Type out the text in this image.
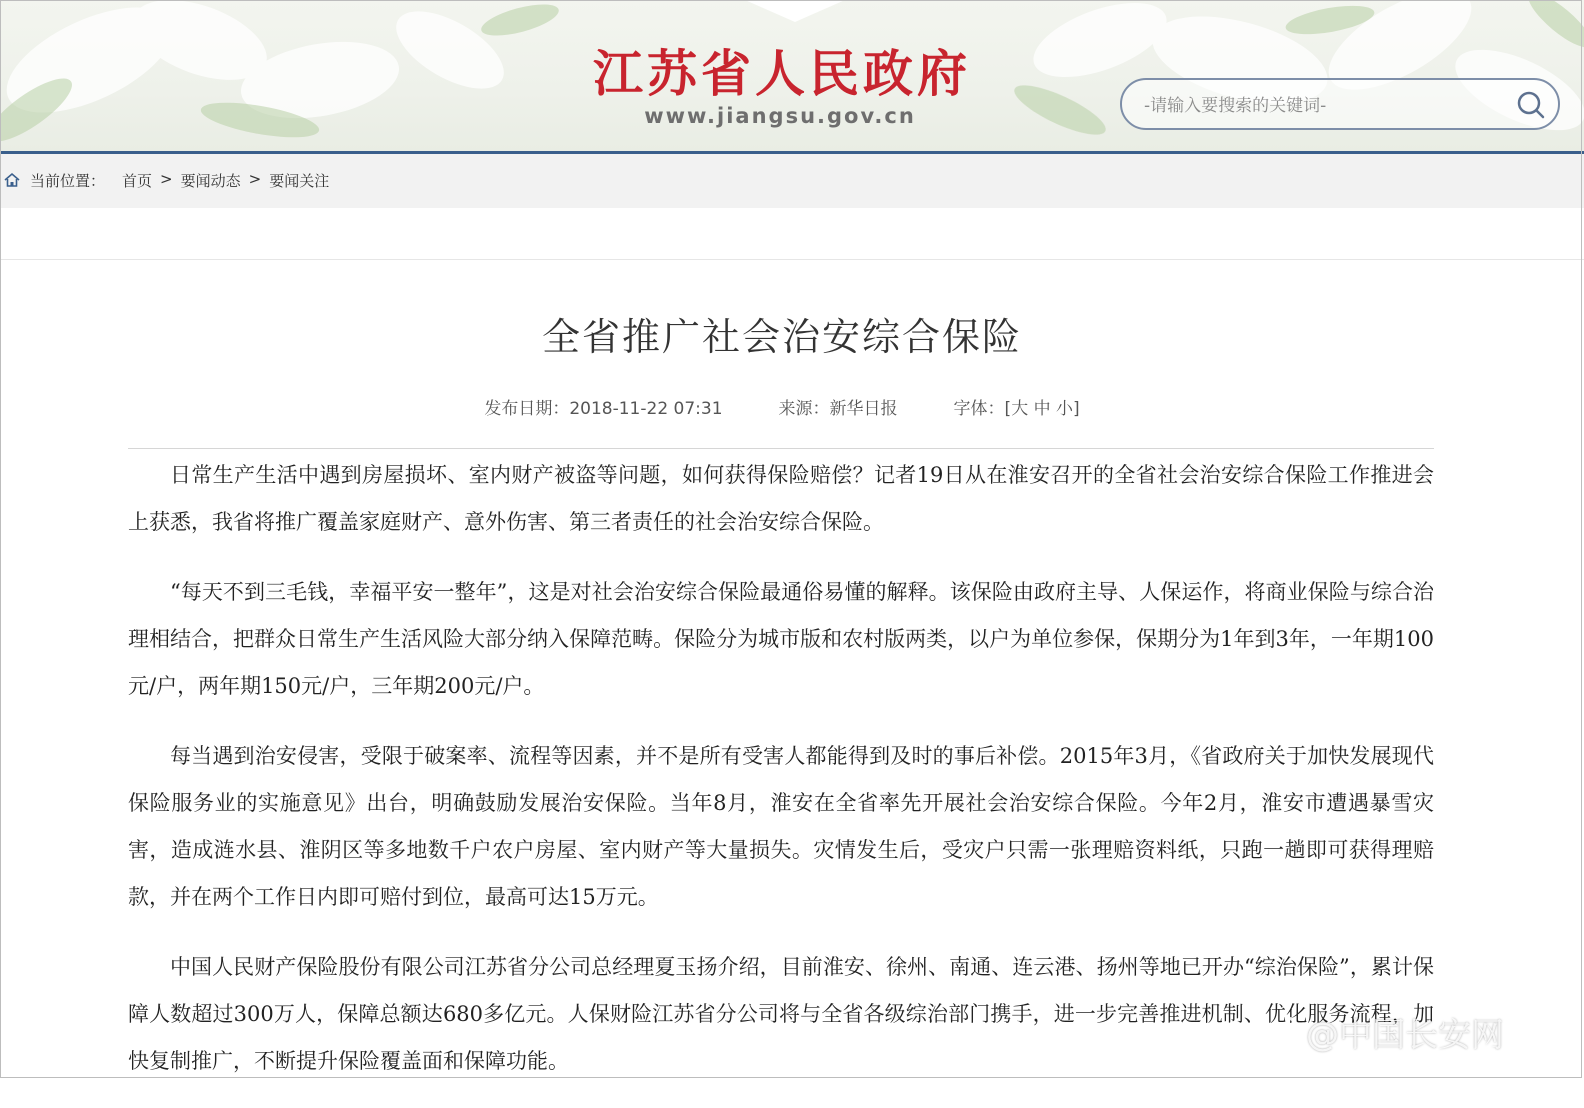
江苏省人民政府
www.jiangsu.gov.cn
-请输入要搜索的关键词-
当前位置： 首页 > 要闻动态 > 要闻关注
全省推广社会治安综合保险
发布日期：2018-11-22 07:31	来源：新华日报	字体：[大 中 小]

日常生产生活中遇到房屋损坏、室内财产被盗等问题，如何获得保险赔偿？记者19日从在淮安召开的全省社会治安综合保险工作推进会上获悉，我省将推广覆盖家庭财产、意外伤害、第三者责任的社会治安综合保险。

“每天不到三毛钱，幸福平安一整年”，这是对社会治安综合保险最通俗易懂的解释。该保险由政府主导、人保运作，将商业保险与综合治理相结合，把群众日常生产生活风险大部分纳入保障范畴。保险分为城市版和农村版两类，以户为单位参保，保期分为1年到3年，一年期100元/户，两年期150元/户，三年期200元/户。

每当遇到治安侵害，受限于破案率、流程等因素，并不是所有受害人都能得到及时的事后补偿。2015年3月，《省政府关于加快发展现代保险服务业的实施意见》出台，明确鼓励发展治安保险。当年8月，淮安在全省率先开展社会治安综合保险。今年2月，淮安市遭遇暴雪灾害，造成涟水县、淮阴区等多地数千户农户房屋、室内财产等大量损失。灾情发生后，受灾户只需一张理赔资料纸，只跑一趟即可获得理赔款，并在两个工作日内即可赔付到位，最高可达15万元。

中国人民财产保险股份有限公司江苏省分公司总经理夏玉扬介绍，目前淮安、徐州、南通、连云港、扬州等地已开办“综治保险”，累计保障人数超过300万人，保障总额达680多亿元。人保财险江苏省分公司将与全省各级综治部门携手，进一步完善推进机制、优化服务流程，加快复制推广，不断提升保险覆盖面和保障功能。

@中国长安网
